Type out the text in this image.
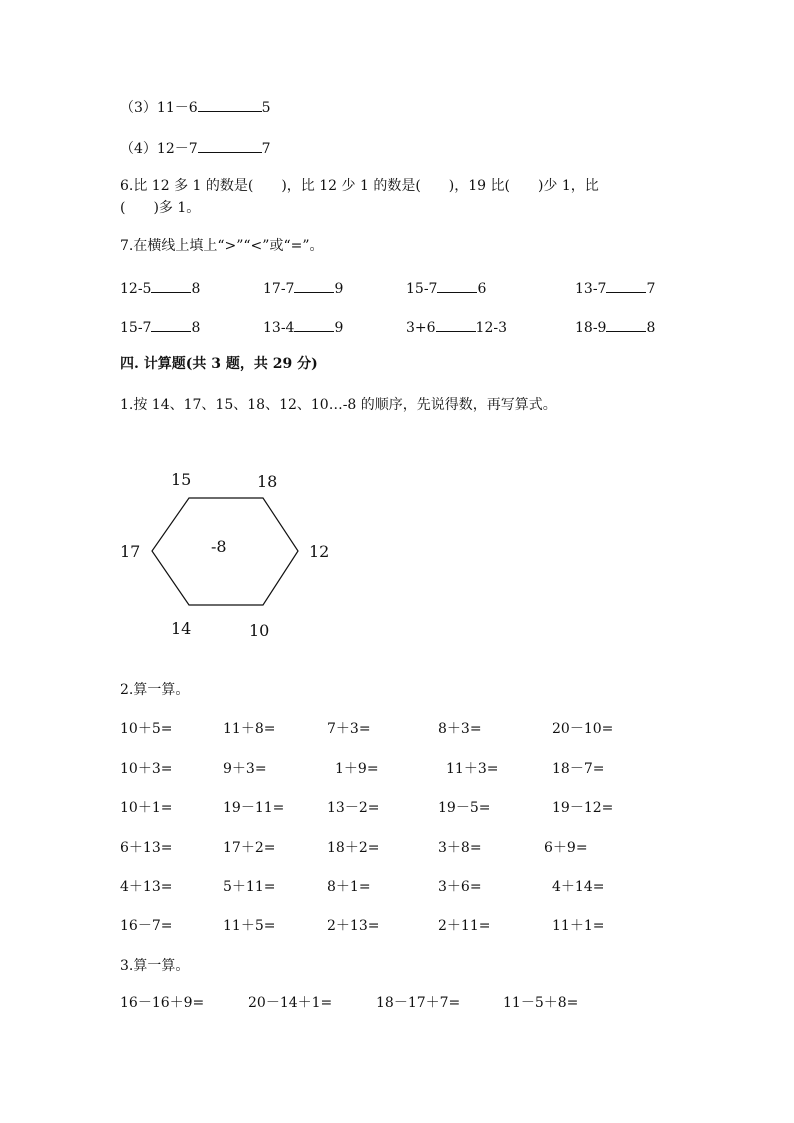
（3）11－6	5
（4）12－7	7
6.比 12 多 1 的数是(　　)，比 12 少 1 的数是(　　)，19 比(　　)少 1，比
(　　)多 1。
7.在横线上填上“>”“<”或“=”。
12-5	8	17-7	9	15-7	6	13-7	7
15-7	8	13-4	9	3+6	12-3	18-9	8
四. 计算题(共 3 题，共 29 分)
1.按 14、17、15、18、12、10…-8 的顺序，先说得数，再写算式。
-8
15	18
17	12
14	10
2.算一算。
10＋5=	11＋8=	7＋3=	8＋3=	20－10=
10＋3=	9＋3=	1＋9=	11＋3=	18－7=
10＋1=	19－11=	13－2=	19－5=	19－12=
6＋13=	17＋2=	18＋2=	3＋8=	6＋9=
4＋13=	5＋11=	8＋1=	3＋6=	4＋14=
16－7=	11＋5=	2＋13=	2＋11=	11＋1=
3.算一算。
16－16＋9=	20－14＋1=	18－17＋7=	11－5＋8=
